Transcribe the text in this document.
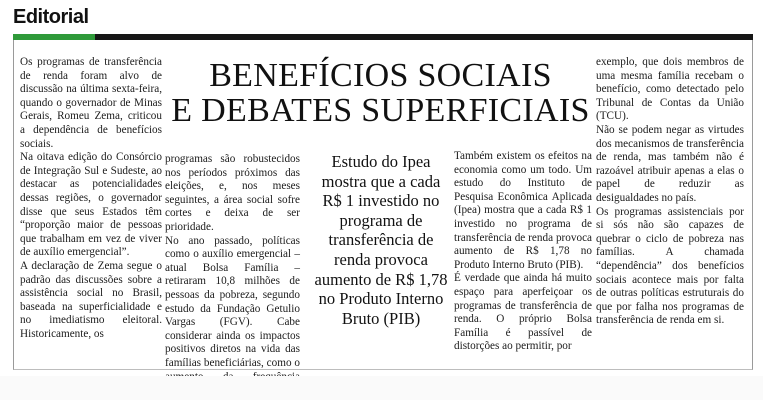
Editorial

Os programas de transferência de renda foram alvo de discussão na última sexta-feira, quando o governador de Minas Gerais, Romeu Zema, criticou a dependência de benefícios sociais.

Na oitava edição do Consórcio de Integração Sul e Sudeste, ao destacar as potencialidades dessas regiões, o governador disse que seus Estados têm “proporção maior de pessoas que trabalham em vez de viver de auxílio emergencial”.

A declaração de Zema segue o padrão das discussões sobre a assistência social no Brasil, baseada na superficialidade e no imediatismo eleitoral. Historicamente, os

BENEFÍCIOS SOCIAIS
E DEBATES SUPERFICIAIS

programas são robustecidos nos períodos próximos das eleições, e, nos meses seguintes, a área social sofre cortes e deixa de ser prioridade.

No ano passado, políticas como o auxílio emergencial – atual Bolsa Família – retiraram 10,8 milhões de pessoas da pobreza, segundo estudo da Fundação Getulio Vargas (FGV). Cabe considerar ainda os impactos positivos diretos na vida das famílias beneficiárias, como o

Estudo do Ipea mostra que a cada R$ 1 investido no programa de transferência de renda provoca aumento de R$ 1,78 no Produto Interno Bruto (PIB)

Também existem os efeitos na economia como um todo. Um estudo do Instituto de Pesquisa Econômica Aplicada (Ipea) mostra que a cada R$ 1 investido no programa de transferência de renda provoca aumento de R$ 1,78 no Produto Interno Bruto (PIB).

É verdade que ainda há muito espaço para aperfeiçoar os programas de transferência de renda. O próprio Bolsa Família é passível de distorções ao permitir, por

exemplo, que dois membros de uma mesma família recebam o benefício, como detectado pelo Tribunal de Contas da União (TCU).

Não se podem negar as virtudes dos mecanismos de transferência de renda, mas também não é razoável atribuir apenas a elas o papel de reduzir as desigualdades no país.

Os programas assistenciais por si sós não são capazes de quebrar o ciclo de pobreza nas famílias. A chamada “dependência” dos benefícios sociais acontece mais por falta de outras políticas estruturais do que por falha nos programas de transferência de renda em si.
